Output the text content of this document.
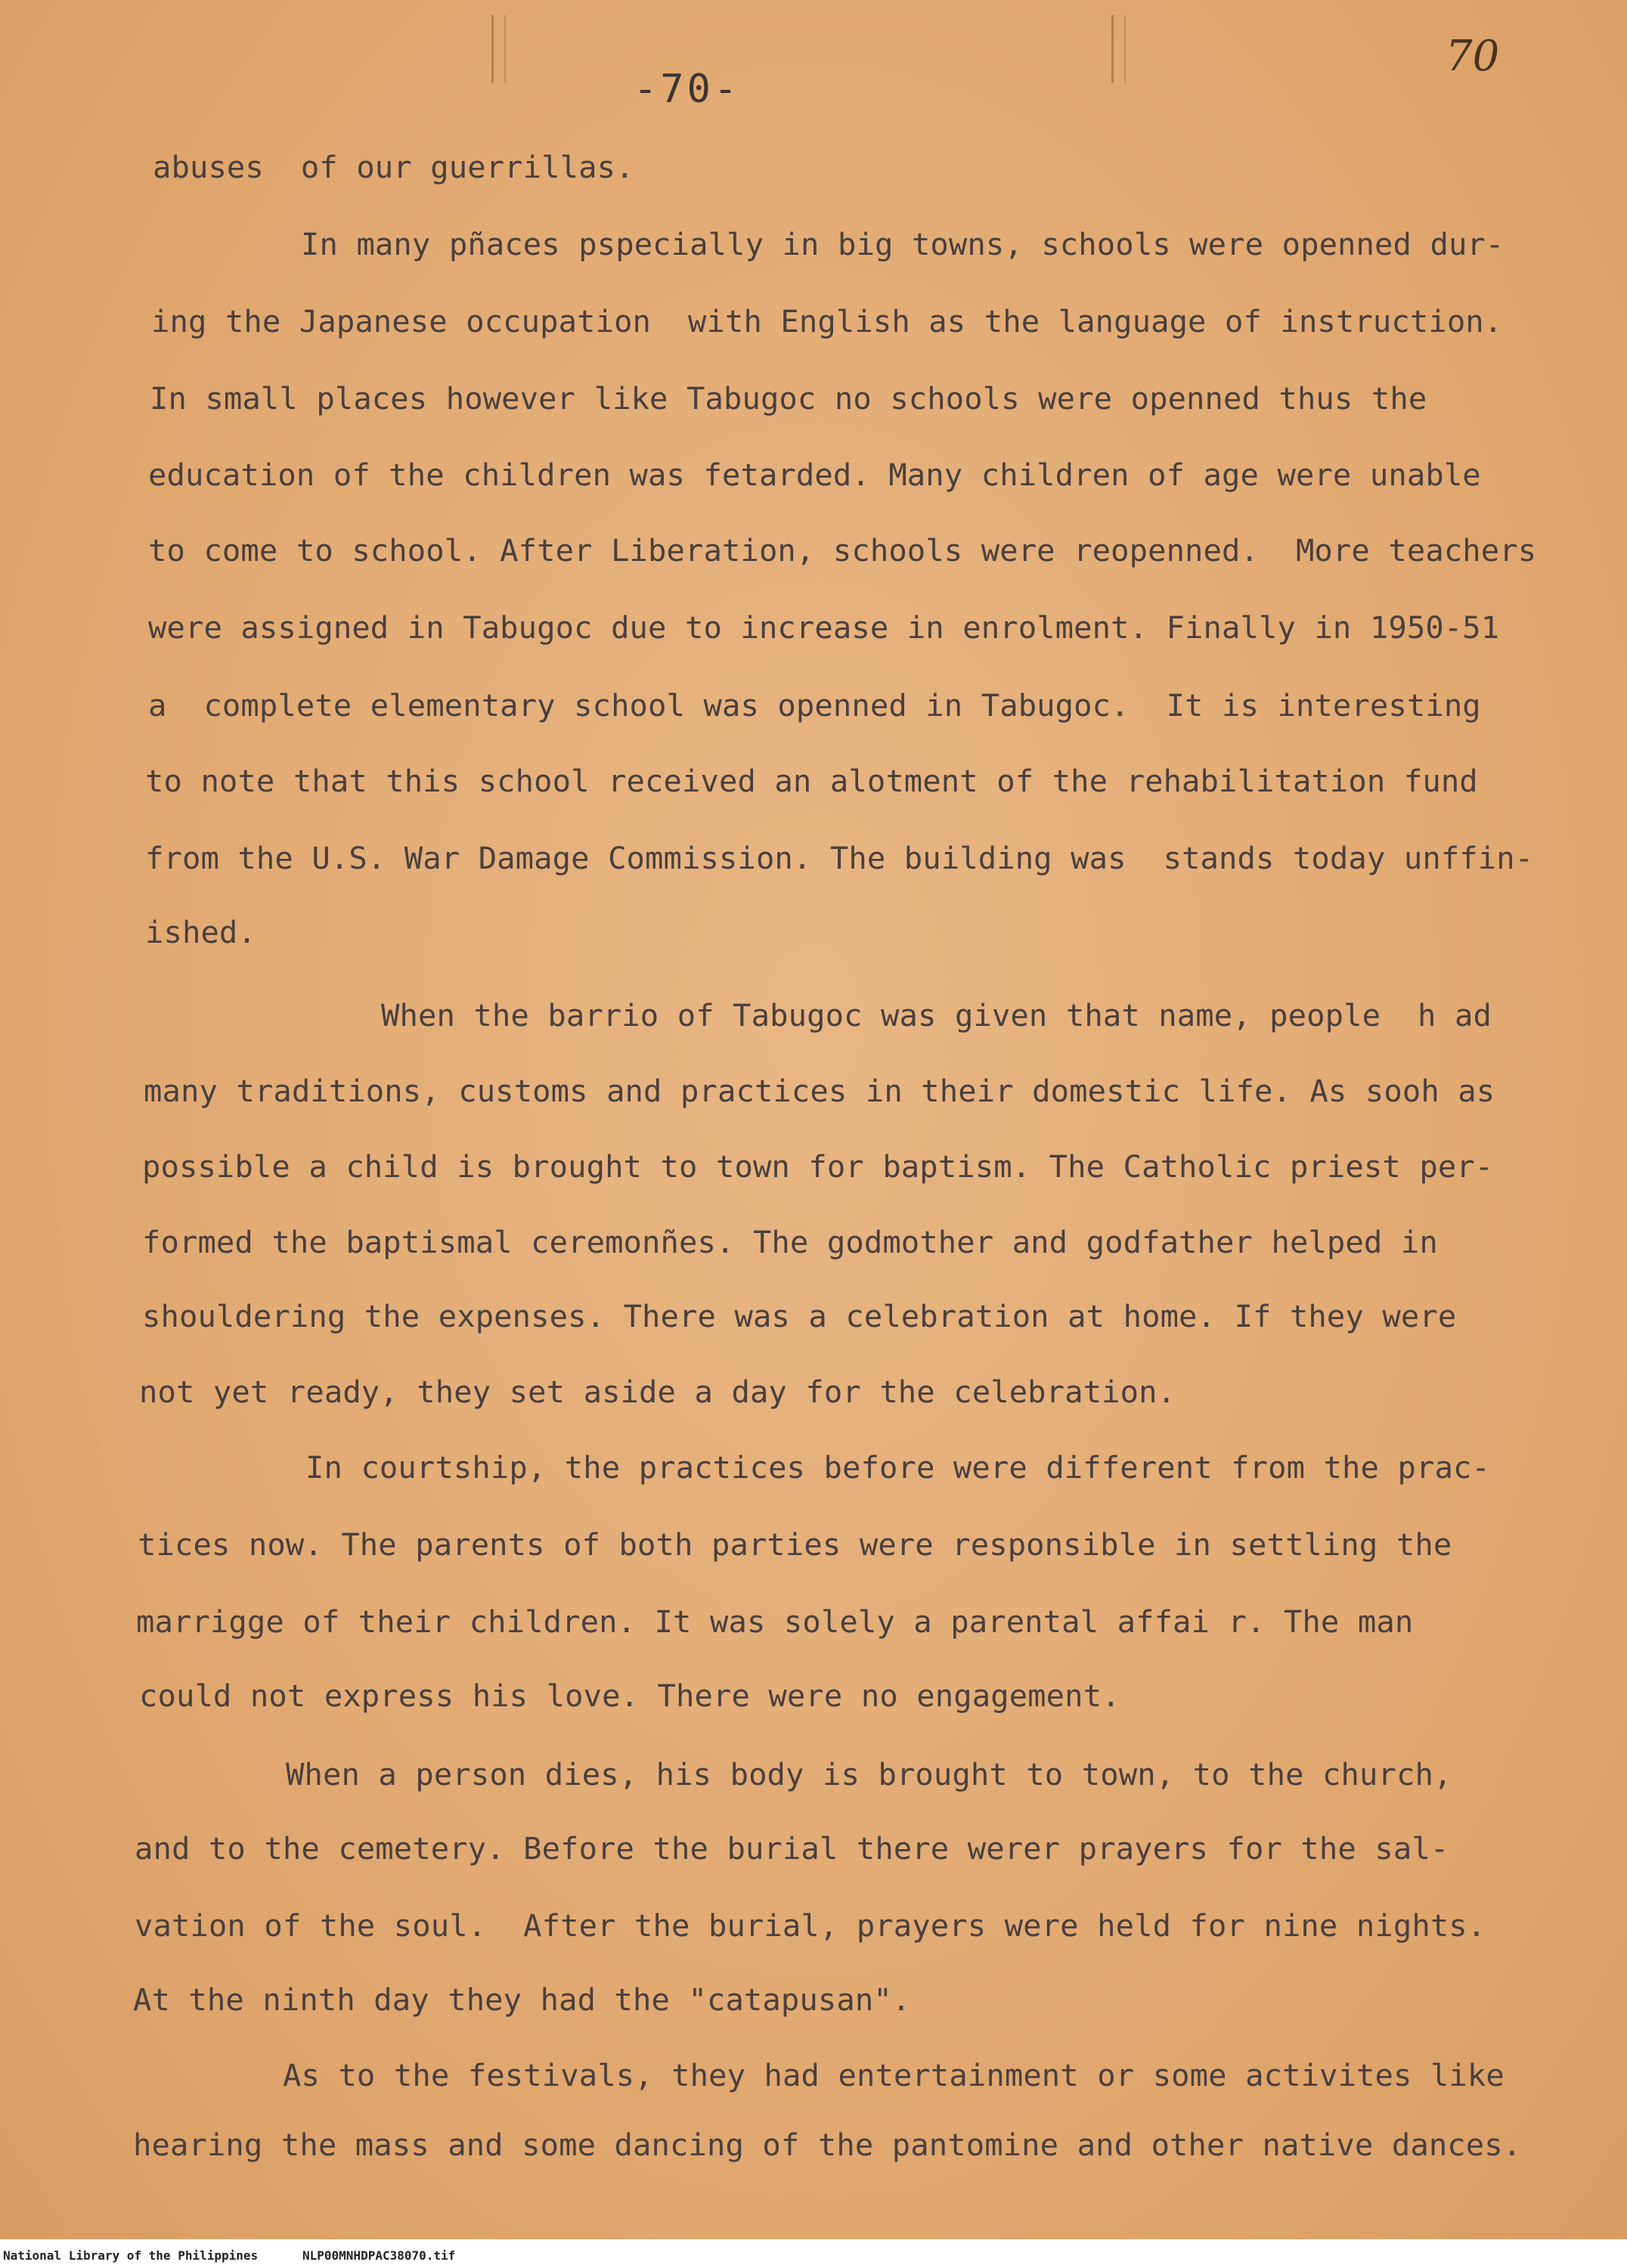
-70-
70
abuses  of our guerrillas.
In many pñaces pspecially in big towns, schools were openned dur-
ing the Japanese occupation  with English as the language of instruction.
In small places however like Tabugoc no schools were openned thus the
education of the children was fetarded. Many children of age were unable
to come to school. After Liberation, schools were reopenned.  More teachers
were assigned in Tabugoc due to increase in enrolment. Finally in 1950-51
a  complete elementary school was openned in Tabugoc.  It is interesting
to note that this school received an alotment of the rehabilitation fund
from the U.S. War Damage Commission. The building was  stands today unffin-
ished.
When the barrio of Tabugoc was given that name, people  h ad
many traditions, customs and practices in their domestic life. As sooh as
possible a child is brought to town for baptism. The Catholic priest per-
formed the baptismal ceremonñes. The godmother and godfather helped in
shouldering the expenses. There was a celebration at home. If they were
not yet ready, they set aside a day for the celebration.
In courtship, the practices before were different from the prac-
tices now. The parents of both parties were responsible in settling the
marrigge of their children. It was solely a parental affai r. The man
could not express his love. There were no engagement.
When a person dies, his body is brought to town, to the church,
and to the cemetery. Before the burial there werer prayers for the sal-
vation of the soul.  After the burial, prayers were held for nine nights.
At the ninth day they had the "catapusan".
As to the festivals, they had entertainment or some activites like
hearing the mass and some dancing of the pantomine and other native dances.
National Library of the Philippines	NLP00MNHDPAC38070.tif
